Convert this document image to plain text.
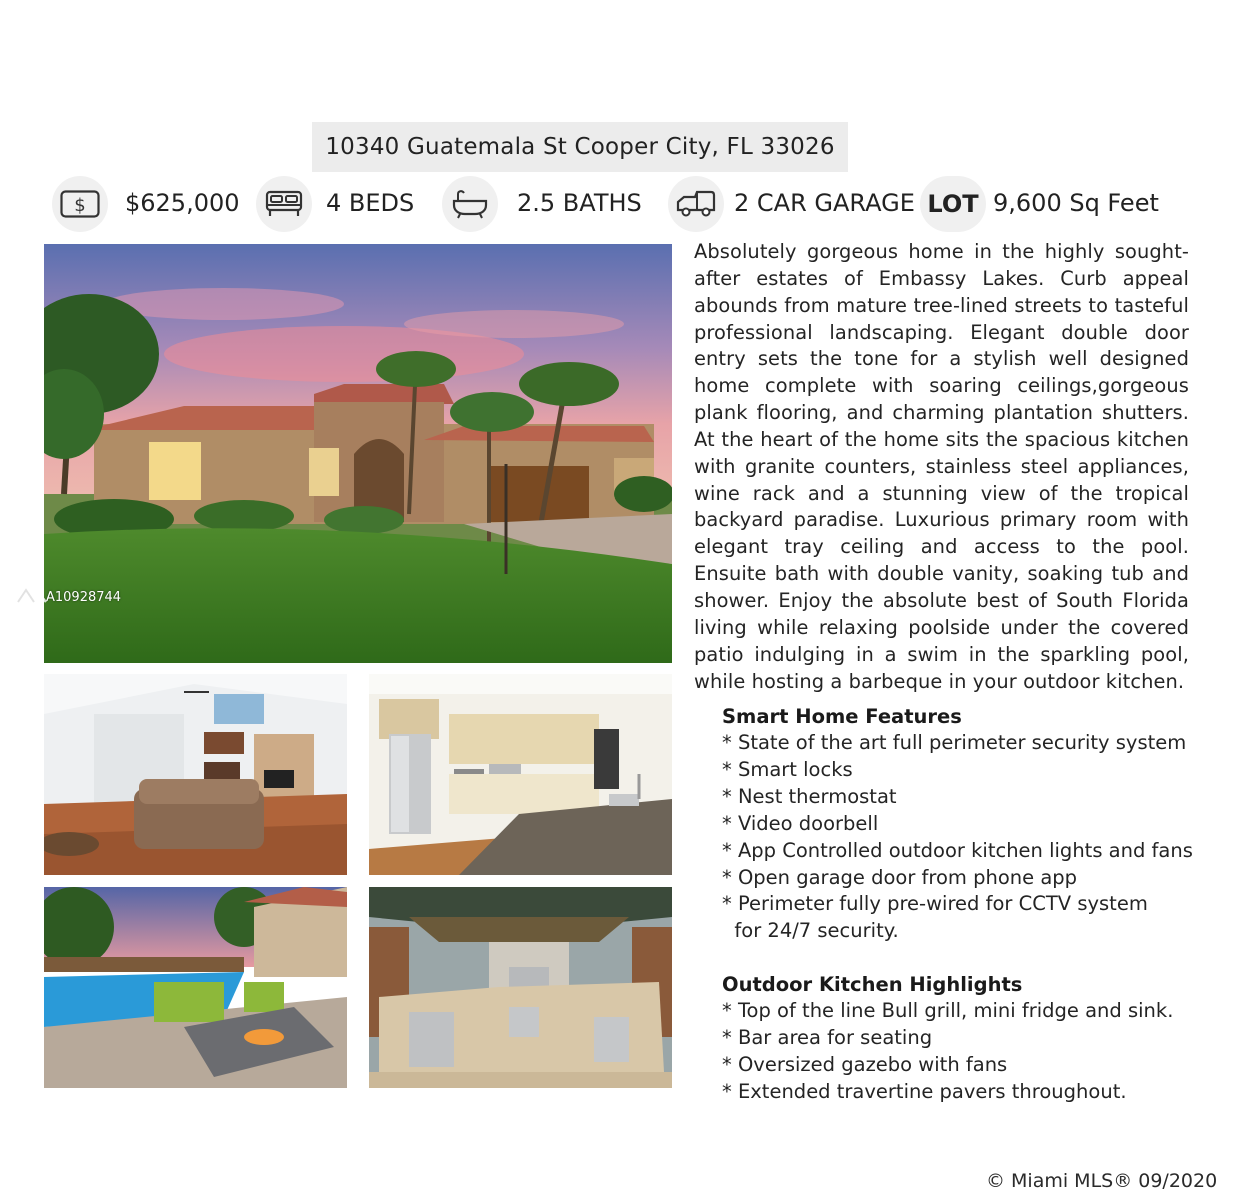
10340 Guatemala St Cooper City, FL 33026
$ $625,000	4 BEDS	2.5 BATHS	2 CAR GARAGE LOT 9,600 Sq Feet
A10928744

Absolutely gorgeous home in the highly sought-after estates of Embassy Lakes. Curb appeal abounds from mature tree-lined streets to tasteful professional landscaping. Elegant double door entry sets the tone for a stylish well designed home complete with soaring ceilings,gorgeous plank flooring, and charming plantation shutters. At the heart of the home sits the spacious kitchen with granite counters, stainless steel appliances, wine rack and a stunning view of the tropical backyard paradise. Luxurious primary room with elegant tray ceiling and access to the pool. Ensuite bath with double vanity, soaking tub and shower. Enjoy the absolute best of South Florida living while relaxing poolside under the covered patio indulging in a swim in the sparkling pool, while hosting a barbeque in your outdoor kitchen.

Smart Home Features
* State of the art full perimeter security system
* Smart locks
* Nest thermostat
* Video doorbell
* App Controlled outdoor kitchen lights and fans
* Open garage door from phone app
* Perimeter fully pre-wired for CCTV system
for 24/7 security.
Outdoor Kitchen Highlights
* Top of the line Bull grill, mini fridge and sink.
* Bar area for seating
* Oversized gazebo with fans
* Extended travertine pavers throughout.
© Miami MLS® 09/2020
